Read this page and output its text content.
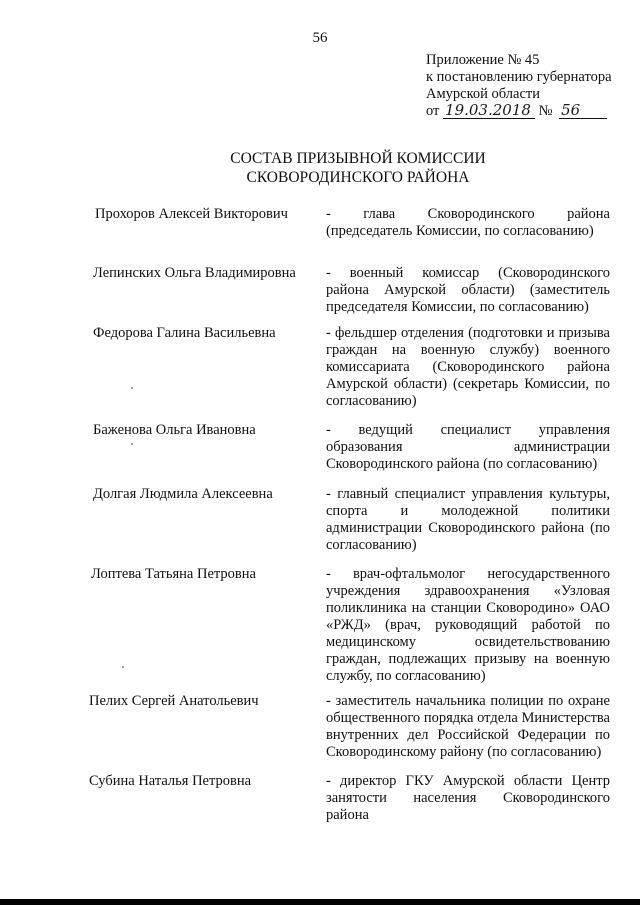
56
Приложение № 45
к постановлению губернатора
Амурской области
от 19.03.2018 № 56
СОСТАВ ПРИЗЫВНОЙ КОМИССИИ
СКОВОРОДИНСКОГО РАЙОНА
Прохоров Алексей Викторович	- глава Сковородинского района (председатель Комиссии, по согласованию)
Лепинских Ольга Владимировна - военный комиссар (Сковородинского района Амурской области) (заместитель председателя Комиссии, по согласованию)
Федорова Галина Васильевна	- фельдшер отделения (подготовки и призыва граждан на военную службу) военного комиссариата (Сковородинского района Амурской области) (секретарь Комиссии, по согласованию)
Баженова Ольга Ивановна	- ведущий специалист управления образования администрации Сковородинского района (по согласованию)
Долгая Людмила Алексеевна	- главный специалист управления культуры, спорта и молодежной политики администрации Сковородинского района (по согласованию)
Лоптева Татьяна Петровна	- врач-офтальмолог негосударственного учреждения здравоохранения «Узловая поликлиника на станции Сковородино» ОАО «РЖД» (врач, руководящий работой по медицинскому освидетельствованию граждан, подлежащих призыву на военную службу, по согласованию)
Пелих Сергей Анатольевич	- заместитель начальника полиции по охране общественного порядка отдела Министерства внутренних дел Российской Федерации по Сковородинскому району (по согласованию)
Субина Наталья Петровна	- директор ГКУ Амурской области Центр занятости населения Сковородинского района
